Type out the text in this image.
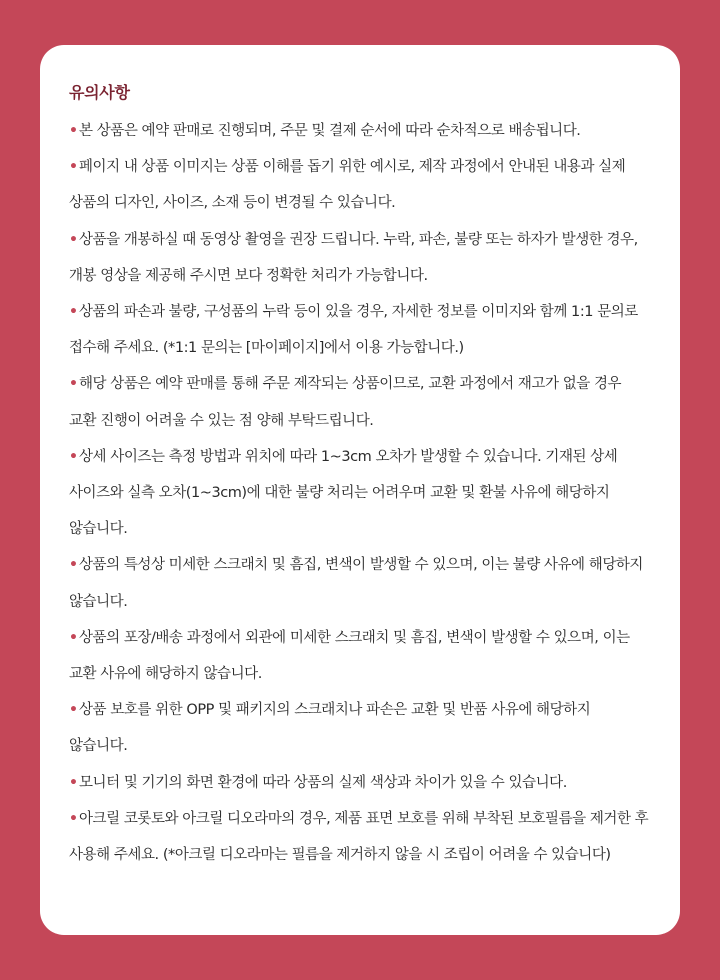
유의사항
• 본 상품은 예약 판매로 진행되며, 주문 및 결제 순서에 따라 순차적으로 배송됩니다.
• 페이지 내 상품 이미지는 상품 이해를 돕기 위한 예시로, 제작 과정에서 안내된 내용과 실제 상품의 디자인, 사이즈, 소재 등이 변경될 수 있습니다.
• 상품을 개봉하실 때 동영상 촬영을 권장 드립니다. 누락, 파손, 불량 또는 하자가 발생한 경우, 개봉 영상을 제공해 주시면 보다 정확한 처리가 가능합니다.
• 상품의 파손과 불량, 구성품의 누락 등이 있을 경우, 자세한 정보를 이미지와 함께 1:1 문의로 접수해 주세요. (*1:1 문의는 [마이페이지]에서 이용 가능합니다.)
• 해당 상품은 예약 판매를 통해 주문 제작되는 상품이므로, 교환 과정에서 재고가 없을 경우 교환 진행이 어려울 수 있는 점 양해 부탁드립니다.
• 상세 사이즈는 측정 방법과 위치에 따라 1~3cm 오차가 발생할 수 있습니다. 기재된 상세 사이즈와 실측 오차(1~3cm)에 대한 불량 처리는 어려우며 교환 및 환불 사유에 해당하지 않습니다.
• 상품의 특성상 미세한 스크래치 및 흠집, 변색이 발생할 수 있으며, 이는 불량 사유에 해당하지 않습니다.
• 상품의 포장/배송 과정에서 외관에 미세한 스크래치 및 흠집, 변색이 발생할 수 있으며, 이는 교환 사유에 해당하지 않습니다.
• 상품 보호를 위한 OPP 및 패키지의 스크래치나 파손은 교환 및 반품 사유에 해당하지 않습니다.
• 모니터 및 기기의 화면 환경에 따라 상품의 실제 색상과 차이가 있을 수 있습니다.
• 아크릴 코롯토와 아크릴 디오라마의 경우, 제품 표면 보호를 위해 부착된 보호필름을 제거한 후 사용해 주세요. (*아크릴 디오라마는 필름을 제거하지 않을 시 조립이 어려울 수 있습니다)
